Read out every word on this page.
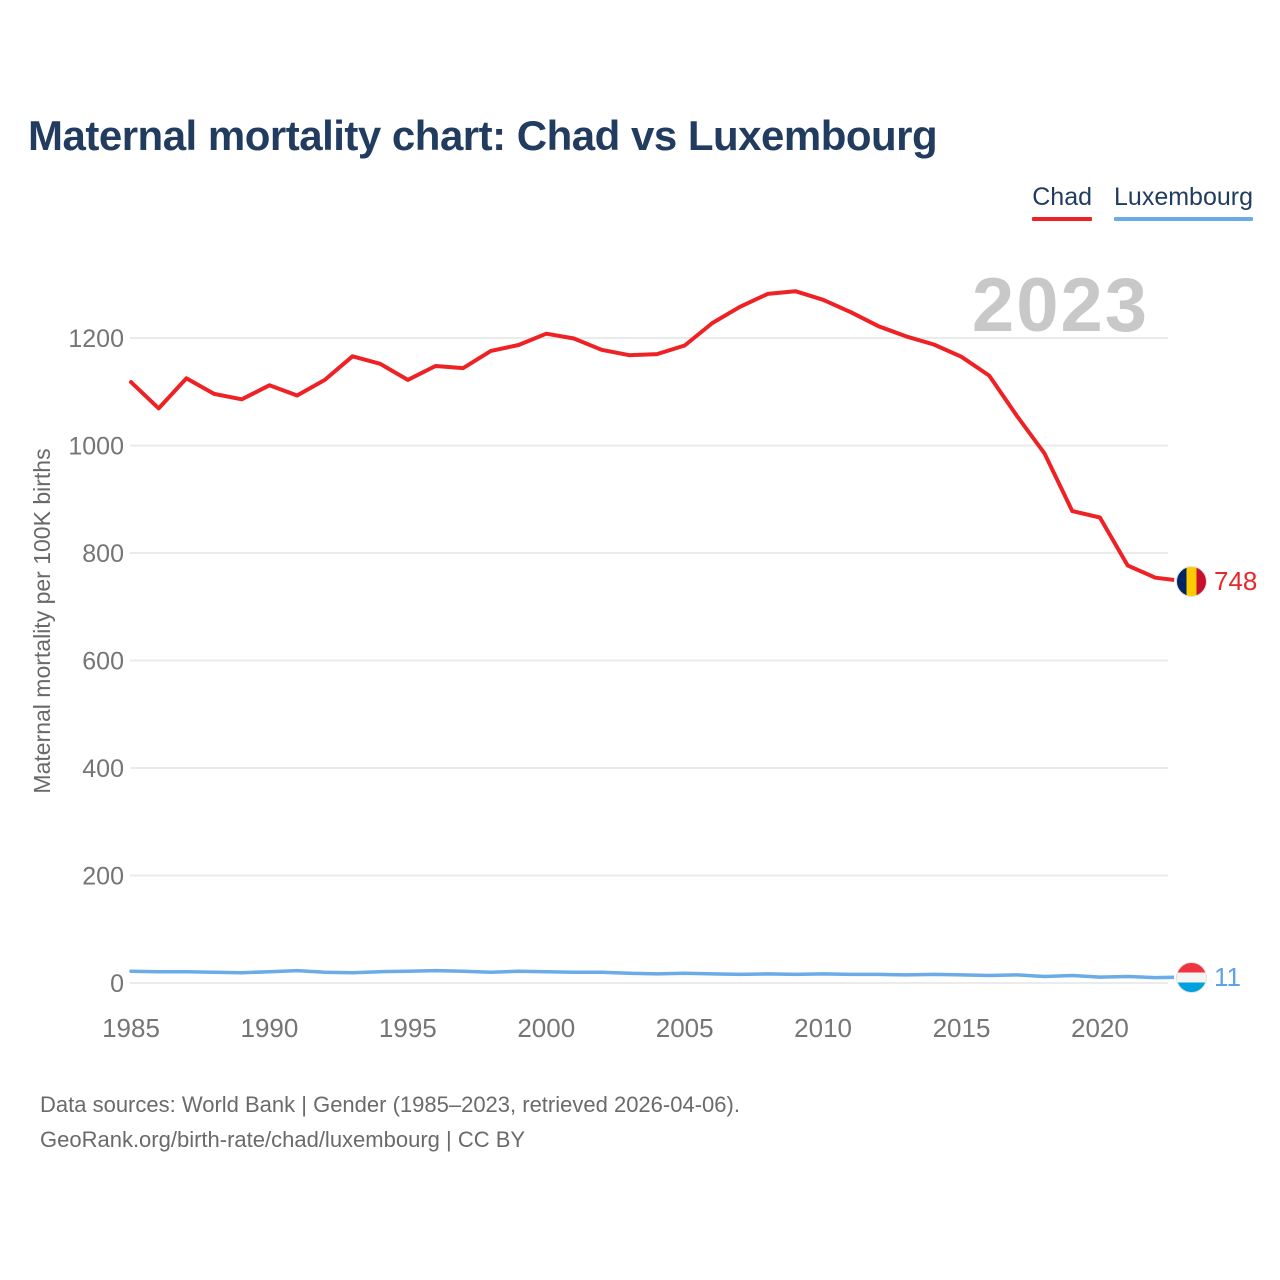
Maternal mortality chart: Chad vs Luxembourg
Chad Luxembourg
2023
Maternal mortality per 100K births
0
200
400
600
800
1000
1200
1985	1990	1995	2000	2005	2010	2015	2020
748
11
Data sources: World Bank | Gender (1985–2023, retrieved 2026-04-06).
GeoRank.org/birth-rate/chad/luxembourg | CC BY
